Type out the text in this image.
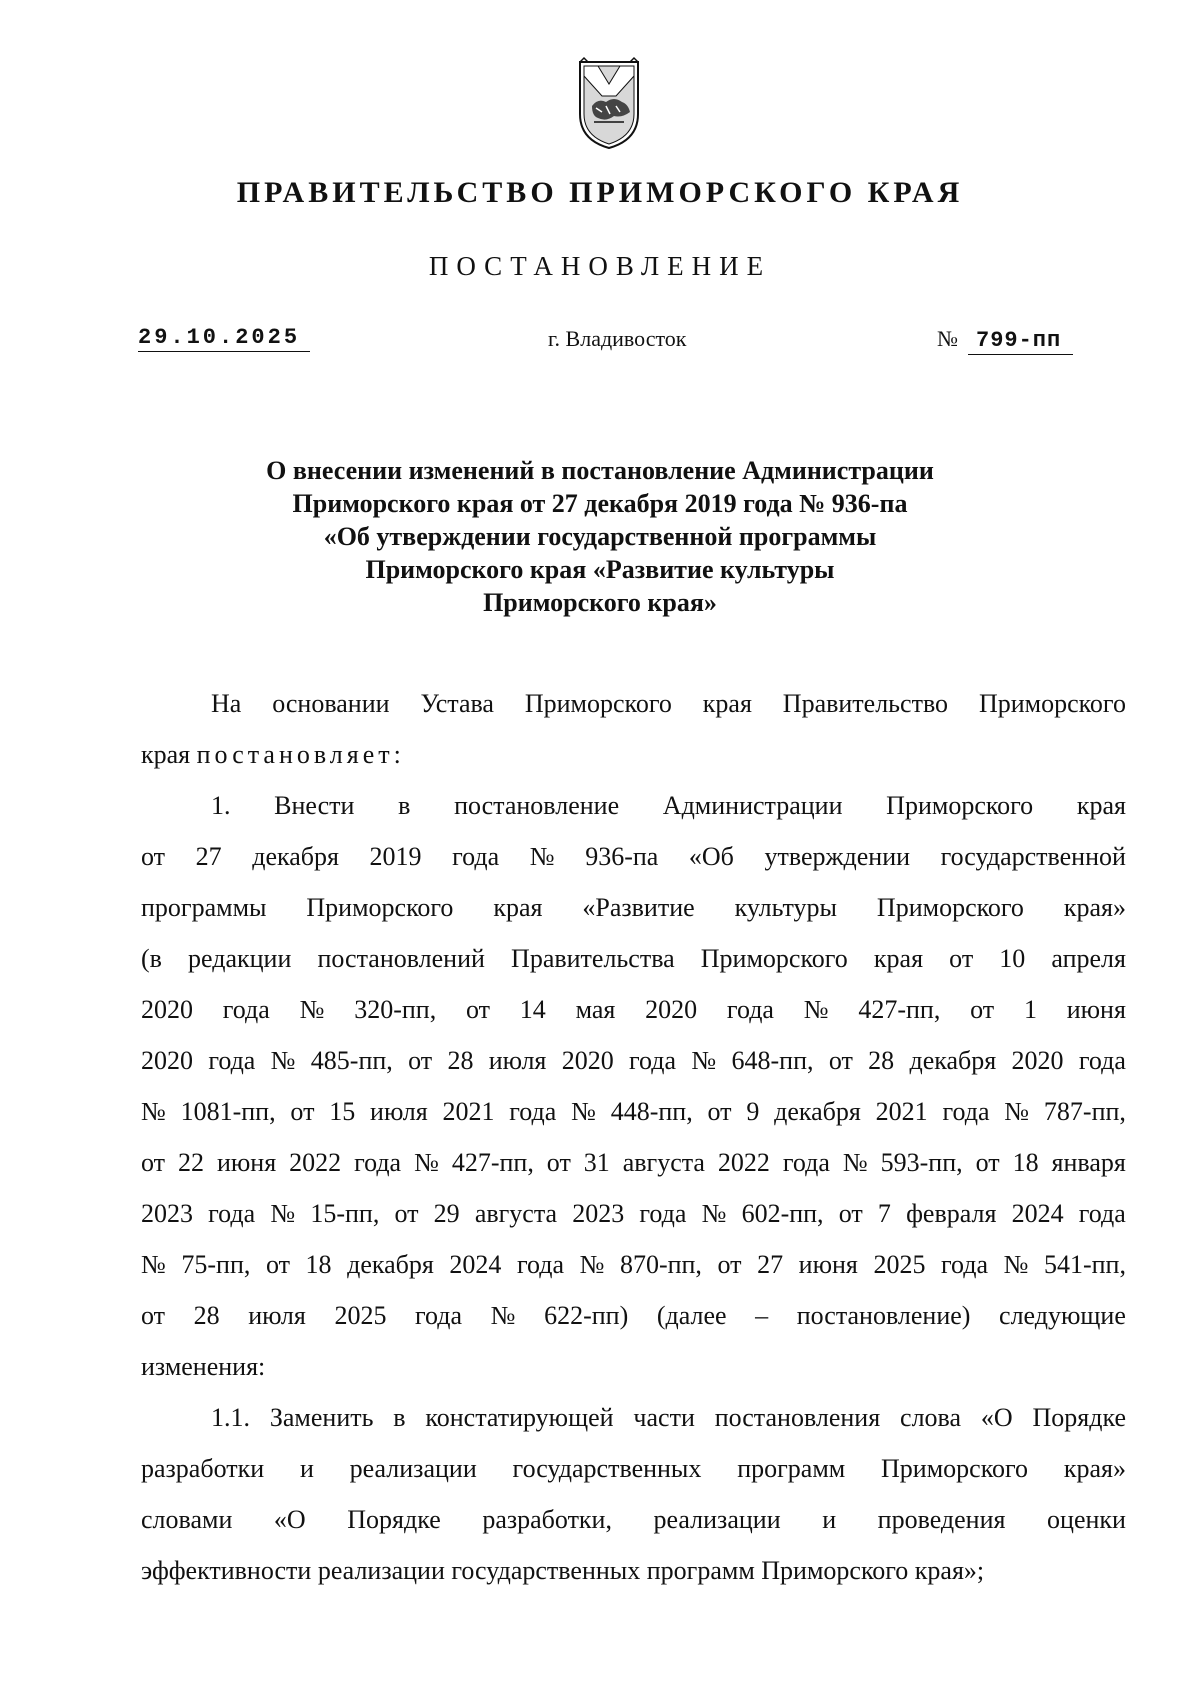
ПРАВИТЕЛЬСТВО ПРИМОРСКОГО КРАЯ
ПОСТАНОВЛЕНИЕ
29.10.2025	г. Владивосток	№ 799-пп
О внесении изменений в постановление Администрации
Приморского края от 27 декабря 2019 года № 936-па
«Об утверждении государственной программы
Приморского края «Развитие культуры
Приморского края»
На основании Устава Приморского края Правительство Приморского
края
постановляет:
1. Внести в постановление Администрации Приморского края
от 27 декабря 2019 года № 936-па «Об утверждении государственной
программы Приморского края «Развитие культуры Приморского края»
(в редакции постановлений Правительства Приморского края от 10 апреля
2020 года № 320-пп, от 14 мая 2020 года № 427-пп, от 1 июня
2020 года № 485-пп, от 28 июля 2020 года № 648-пп, от 28 декабря 2020 года
№ 1081-пп, от 15 июля 2021 года № 448-пп, от 9 декабря 2021 года № 787-пп,
от 22 июня 2022 года № 427-пп, от 31 августа 2022 года № 593-пп, от 18 января
2023 года № 15-пп, от 29 августа 2023 года № 602-пп, от 7 февраля 2024 года
№ 75-пп, от 18 декабря 2024 года № 870-пп, от 27 июня 2025 года № 541-пп,
от 28 июля 2025 года № 622-пп) (далее – постановление) следующие
изменения:
1.1. Заменить в констатирующей части постановления слова «О Порядке
разработки и реализации государственных программ Приморского края»
словами «О Порядке разработки, реализации и проведения оценки
эффективности
реализации
государственных
программ
Приморского
края»;
